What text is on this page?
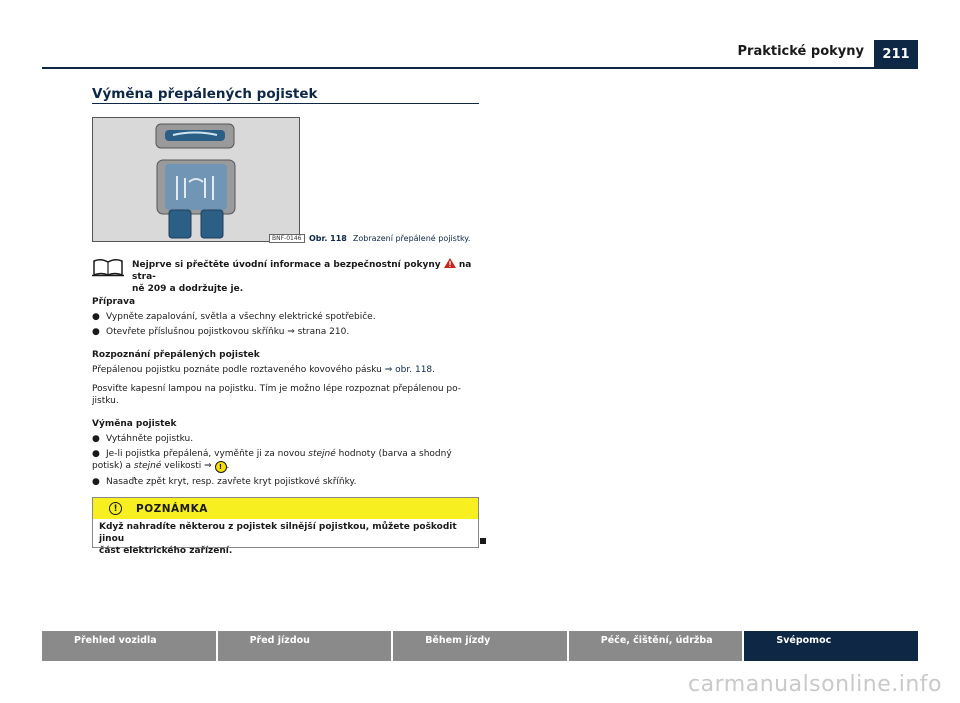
Praktické pokyny	211
Výměna přepálených pojistek
BNF-0146 Obr. 118 Zobrazení přepálené pojistky.
Nejprve si přečtěte úvodní informace a bezpečnostní pokyny  na stra-
ně 209 a dodržujte je.
Příprava
● Vypněte zapalování, světla a všechny elektrické spotřebiče.
● Otevřete příslušnou pojistkovou skříňku ⇒ strana 210.
Rozpoznání přepálených pojistek
Přepálenou pojistku poznáte podle roztaveného kovového pásku ⇒ obr. 118.
Posviťte kapesní lampou na pojistku. Tím je možno lépe rozpoznat přepálenou po-
jistku.
Výměna pojistek
● Vytáhněte pojistku.
● Je-li pojistka přepálená, vyměňte ji za novou stejné hodnoty (barva a shodný
potisk) a stejné velikosti ⇒ ! .
● Nasaďte zpět kryt, resp. zavřete kryt pojistkové skříňky.
!	POZNÁMKA
Když nahradíte některou z pojistek silnější pojistkou, můžete poškodit jinou
část elektrického zařízení.
Přehled vozidla	Před jízdou	Během jízdy	Péče, čištění, údržba	Svépomoc
carmanualsonline.info
